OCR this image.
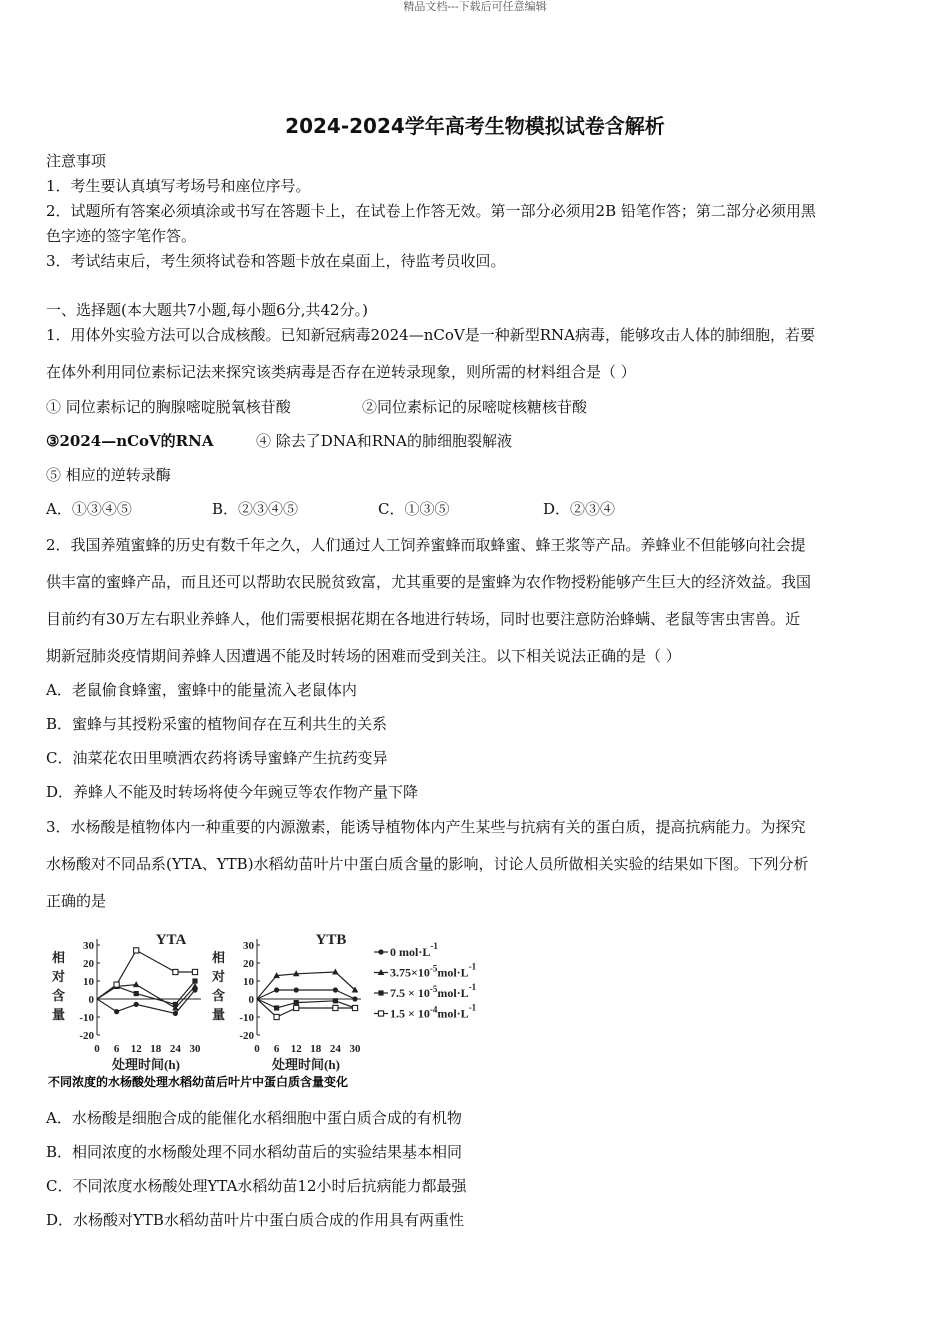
精品文档---下载后可任意编辑
2024-2024学年高考生物模拟试卷含解析
注意事项
1．考生要认真填写考场号和座位序号。
2．试题所有答案必须填涂或书写在答题卡上，在试卷上作答无效。第一部分必须用2B 铅笔作答；第二部分必须用黑
色字迹的签字笔作答。
3．考试结束后，考生须将试卷和答题卡放在桌面上，待监考员收回。
一、选择题(本大题共7小题,每小题6分,共42分。)
1．用体外实验方法可以合成核酸。已知新冠病毒2024—nCoV是一种新型RNA病毒，能够攻击人体的肺细胞，若要
在体外利用同位素标记法来探究该类病毒是否存在逆转录现象，则所需的材料组合是（ ）
① 同位素标记的胸腺嘧啶脱氧核苷酸	②同位素标记的尿嘧啶核糖核苷酸
③2024—nCoV的RNA	④ 除去了DNA和RNA的肺细胞裂解液
⑤ 相应的逆转录酶
A．①③④⑤	B．②③④⑤	C．①③⑤	D．②③④
2．我国养殖蜜蜂的历史有数千年之久，人们通过人工饲养蜜蜂而取蜂蜜、蜂王浆等产品。养蜂业不但能够向社会提
供丰富的蜜蜂产品，而且还可以帮助农民脱贫致富，尤其重要的是蜜蜂为农作物授粉能够产生巨大的经济效益。我国
目前约有30万左右职业养蜂人，他们需要根据花期在各地进行转场，同时也要注意防治蜂螨、老鼠等害虫害兽。近
期新冠肺炎疫情期间养蜂人因遭遇不能及时转场的困难而受到关注。以下相关说法正确的是（ ）
A．老鼠偷食蜂蜜，蜜蜂中的能量流入老鼠体内
B．蜜蜂与其授粉采蜜的植物间存在互利共生的关系
C．油菜花农田里喷洒农药将诱导蜜蜂产生抗药变异
D．养蜂人不能及时转场将使今年豌豆等农作物产量下降
3．水杨酸是植物体内一种重要的内源激素，能诱导植物体内产生某些与抗病有关的蛋白质，提高抗病能力。为探究
水杨酸对不同品系(YTA、YTB)水稻幼苗叶片中蛋白质含量的影响，讨论人员所做相关实验的结果如下图。下列分析
正确的是
相
对
含
量
30
20
10
0
-10
-20
0 6 12 18 24 30
处理时间(h)
YTA
相
对
含
量
30
20
10
0
-10
-20
0 6 12 18 24 30
处理时间(h)
YTB
0 $mol\cdot L^{-1}$
$3.75\times 10^{-5}mol\cdot L^{-1}$
$7.5 \times 10^{-5}mol\cdot L^{-1}$
$1.5 \times 10^{-4}mol\cdot L^{-1}$
不同浓度的水杨酸处理水稻幼苗后叶片中蛋白质含量变化
A．水杨酸是细胞合成的能催化水稻细胞中蛋白质合成的有机物
B．相同浓度的水杨酸处理不同水稻幼苗后的实验结果基本相同
C．不同浓度水杨酸处理YTA水稻幼苗12小时后抗病能力都最强
D．水杨酸对YTB水稻幼苗叶片中蛋白质合成的作用具有两重性
